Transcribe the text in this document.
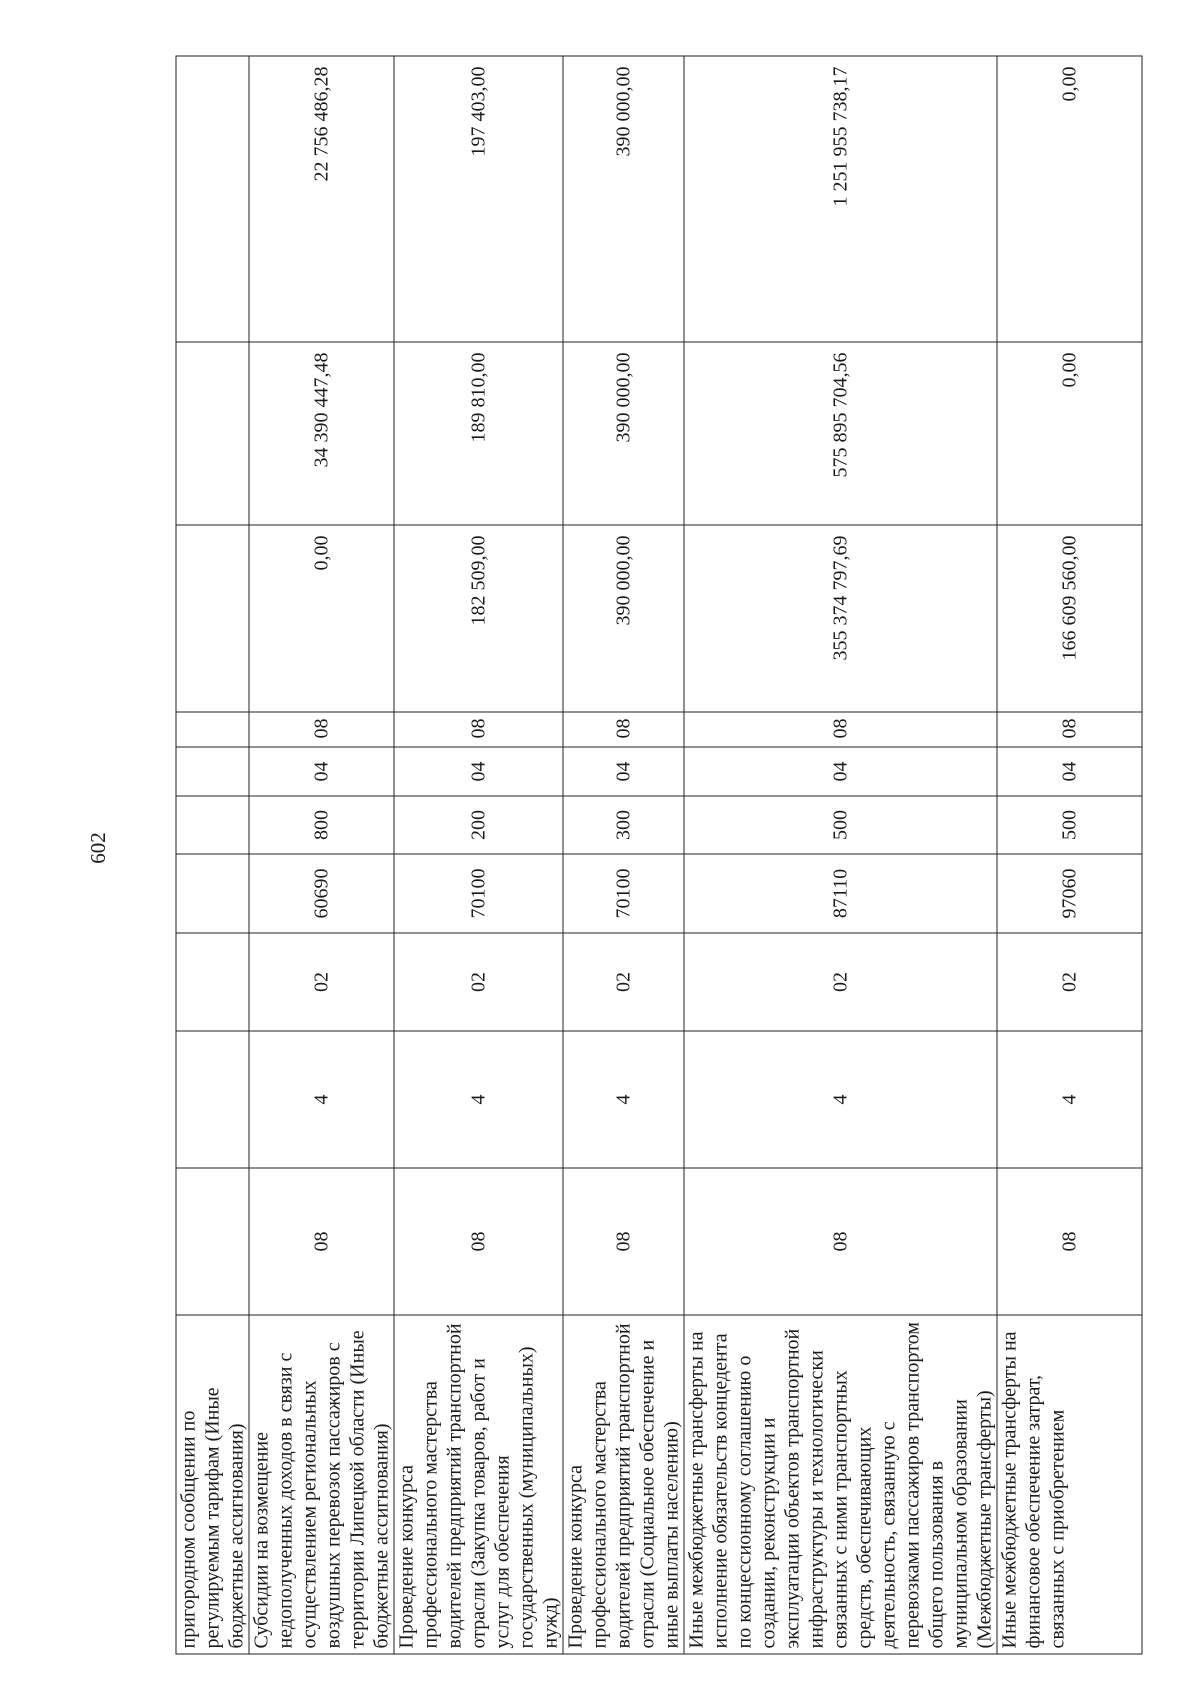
602
пригородном сообщении по регулируемым тарифам (Иные бюджетные ассигнования)										
Субсидии на возмещение недополученных доходов в связи с осуществлением региональных воздушных перевозок пассажиров с территории Липецкой области (Иные бюджетные ассигнования)	08	4	02	60690	800	04	08	0,00	34 390 447,48	22 756 486,28
Проведение конкурса профессионального мастерства водителей предприятий транспортной отрасли (Закупка товаров, работ и услуг для обеспечения государственных (муниципальных) нужд)	08	4	02	70100	200	04	08	182 509,00	189 810,00	197 403,00
Проведение конкурса профессионального мастерства водителей предприятий транспортной отрасли (Социальное обеспечение и иные выплаты населению)	08	4	02	70100	300	04	08	390 000,00	390 000,00	390 000,00
Иные межбюджетные трансферты на исполнение обязательств концедента по концессионному соглашению о создании, реконструкции и эксплуатации объектов транспортной инфраструктуры и технологически связанных с ними транспортных средств, обеспечивающих деятельность, связанную с перевозками пассажиров транспортом общего пользования в муниципальном образовании (Межбюджетные трансферты)	08	4	02	87110	500	04	08	355 374 797,69	575 895 704,56	1 251 955 738,17
Иные межбюджетные трансферты на финансовое обеспечение затрат, связанных с приобретением	08	4	02	97060	500	04	08	166 609 560,00	0,00	0,00
